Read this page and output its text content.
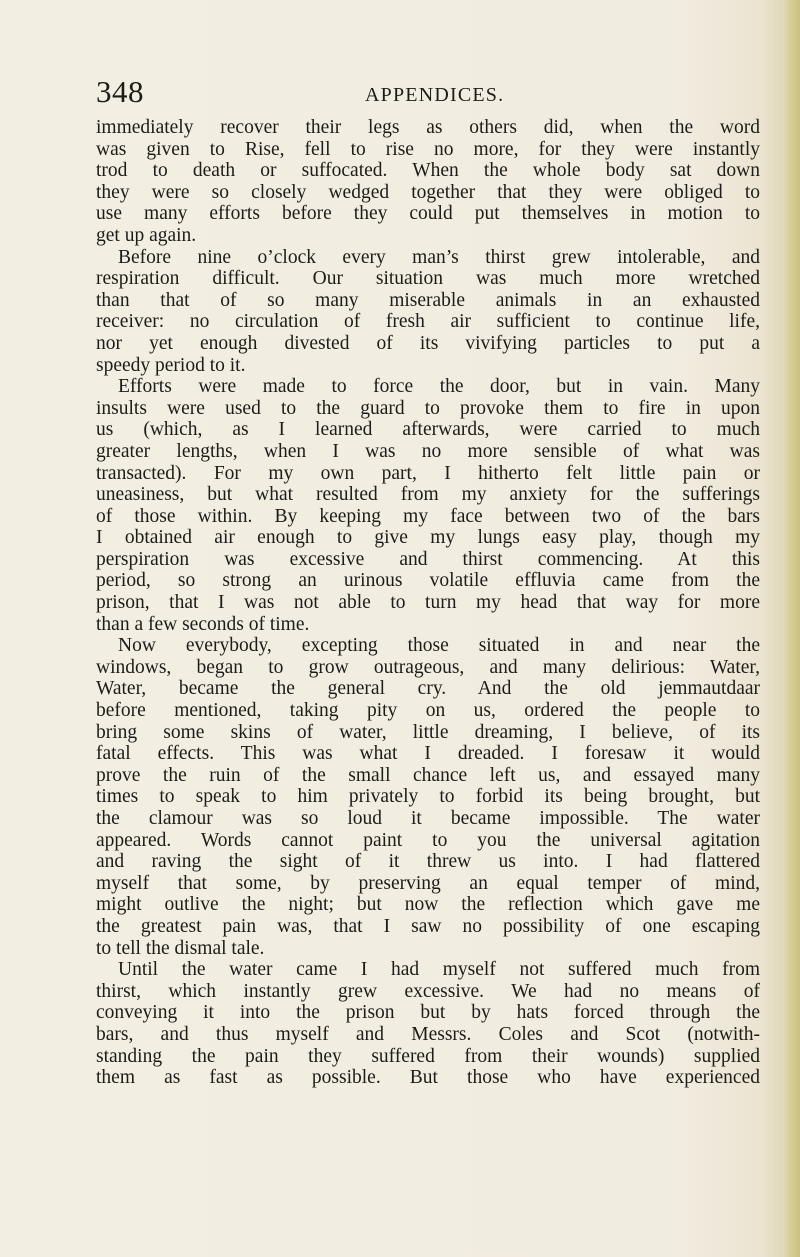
348	APPENDICES.
immediately recover their legs as others did, when the word
was given to Rise, fell to rise no more, for they were instantly
trod to death or suffocated. When the whole body sat down
they were so closely wedged together that they were obliged to
use many efforts before they could put themselves in motion to
get up again.
Before nine o’clock every man’s thirst grew intolerable, and
respiration difficult. Our situation was much more wretched
than that of so many miserable animals in an exhausted
receiver: no circulation of fresh air sufficient to continue life,
nor yet enough divested of its vivifying particles to put a
speedy period to it.
Efforts were made to force the door, but in vain. Many
insults were used to the guard to provoke them to fire in upon
us (which, as I learned afterwards, were carried to much
greater lengths, when I was no more sensible of what was
transacted). For my own part, I hitherto felt little pain or
uneasiness, but what resulted from my anxiety for the sufferings
of those within. By keeping my face between two of the bars
I obtained air enough to give my lungs easy play, though my
perspiration was excessive and thirst commencing. At this
period, so strong an urinous volatile effluvia came from the
prison, that I was not able to turn my head that way for more
than a few seconds of time.
Now everybody, excepting those situated in and near the
windows, began to grow outrageous, and many delirious: Water,
Water, became the general cry. And the old jemmautdaar
before mentioned, taking pity on us, ordered the people to
bring some skins of water, little dreaming, I believe, of its
fatal effects. This was what I dreaded. I foresaw it would
prove the ruin of the small chance left us, and essayed many
times to speak to him privately to forbid its being brought, but
the clamour was so loud it became impossible. The water
appeared. Words cannot paint to you the universal agitation
and raving the sight of it threw us into. I had flattered
myself that some, by preserving an equal temper of mind,
might outlive the night; but now the reflection which gave me
the greatest pain was, that I saw no possibility of one escaping
to tell the dismal tale.
Until the water came I had myself not suffered much from
thirst, which instantly grew excessive. We had no means of
conveying it into the prison but by hats forced through the
bars, and thus myself and Messrs. Coles and Scot (notwith-
standing the pain they suffered from their wounds) supplied
them as fast as possible. But those who have experienced
